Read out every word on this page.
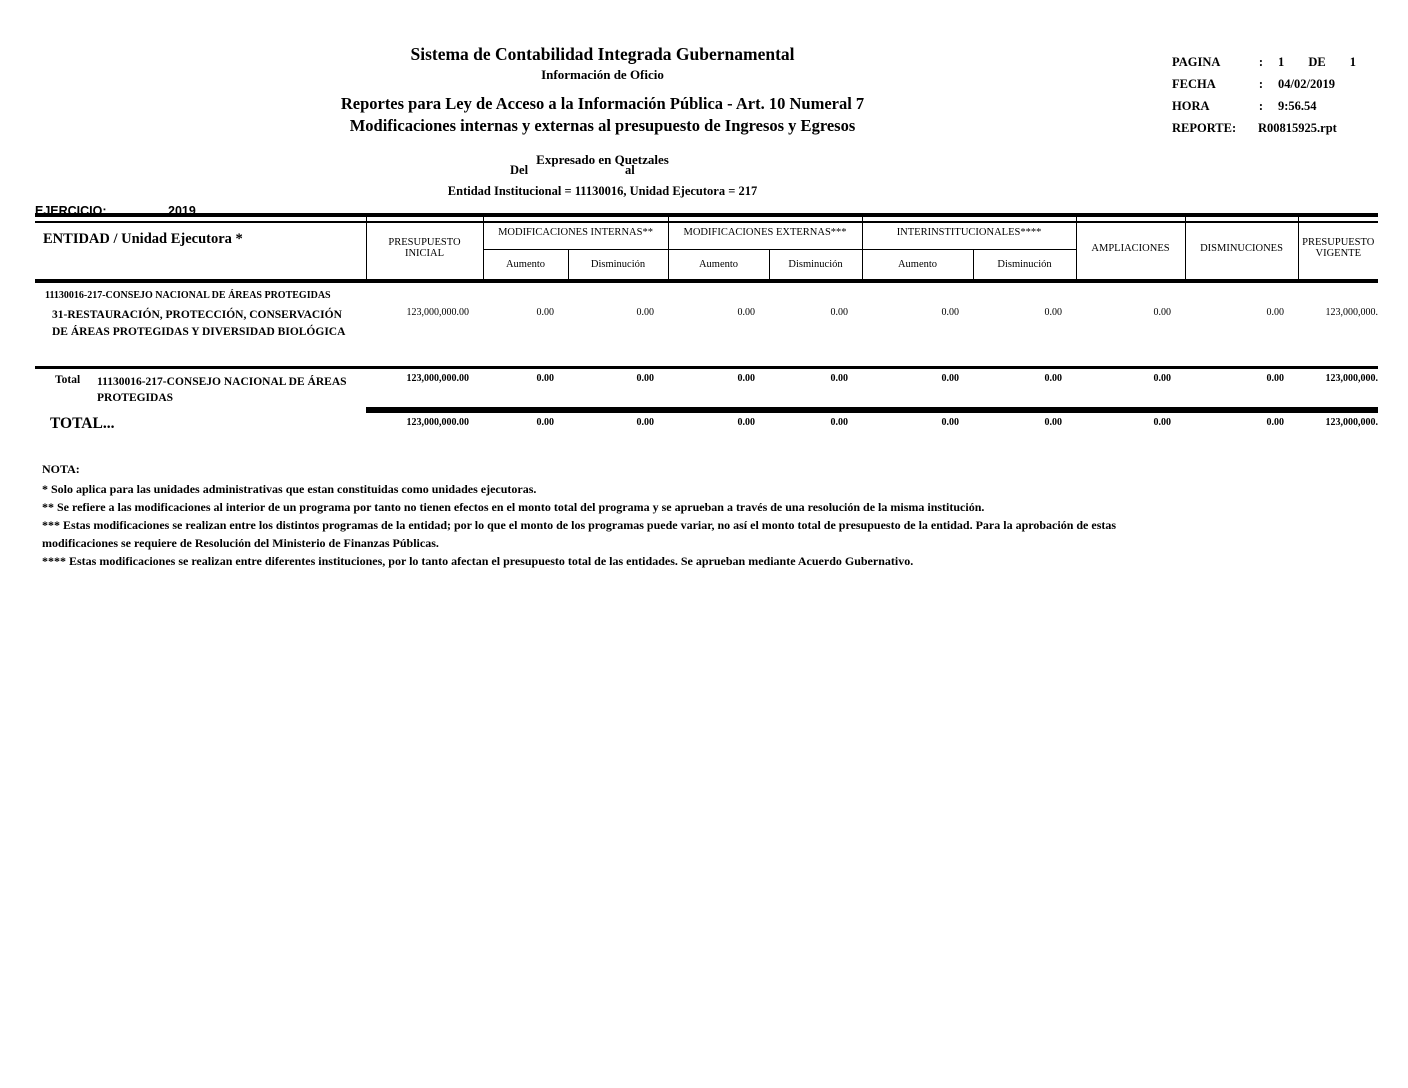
Sistema de Contabilidad Integrada Gubernamental
Información de Oficio
Reportes para Ley de Acceso a la Información Pública - Art. 10 Numeral 7
Modificaciones internas y externas al presupuesto de Ingresos y Egresos
Expresado en Quetzales
Del	al
Entidad Institucional = 11130016, Unidad Ejecutora = 217
PAGINA	:	1 DE 1
FECHA	:	04/02/2019
HORA	:	9:56.54
REPORTE:	R00815925.rpt
EJERCICIO:	2019
ENTIDAD / Unidad Ejecutora *	PRESUPUESTO INICIAL	MODIFICACIONES INTERNAS**		MODIFICACIONES EXTERNAS***		INTERINSTITUCIONALES****		AMPLIACIONES	DISMINUCIONES	PRESUPUESTO VIGENTE
		Aumento	Disminución	Aumento	Disminución	Aumento	Disminución			
11130016-217-CONSEJO NACIONAL DE ÁREAS PROTEGIDAS										
31-RESTAURACIÓN, PROTECCIÓN, CONSERVACIÓN DE ÁREAS PROTEGIDAS Y DIVERSIDAD BIOLÓGICA	123,000,000.00	0.00	0.00	0.00	0.00	0.00	0.00	0.00	0.00	123,000,000.

Total 11130016-217-CONSEJO NACIONAL DE ÁREAS PROTEGIDAS	123,000,000.00	0.00	0.00	0.00	0.00	0.00	0.00	0.00	0.00	123,000,000.

TOTAL...	123,000,000.00	0.00	0.00	0.00	0.00	0.00	0.00	0.00	0.00	123,000,000.
NOTA:
* Solo aplica para las unidades administrativas que estan constituidas como unidades ejecutoras.
** Se refiere a las modificaciones al interior de un programa por tanto no tienen efectos en el monto total del programa y se aprueban a través de una resolución de la misma institución.
*** Estas modificaciones se realizan entre los distintos programas de la entidad; por lo que el monto de los programas puede variar, no así el monto total de presupuesto de la entidad. Para la aprobación de estas modificaciones se requiere de Resolución del Ministerio de Finanzas Públicas.
**** Estas modificaciones se realizan entre diferentes instituciones, por lo tanto afectan el presupuesto total de las entidades. Se aprueban mediante Acuerdo Gubernativo.
